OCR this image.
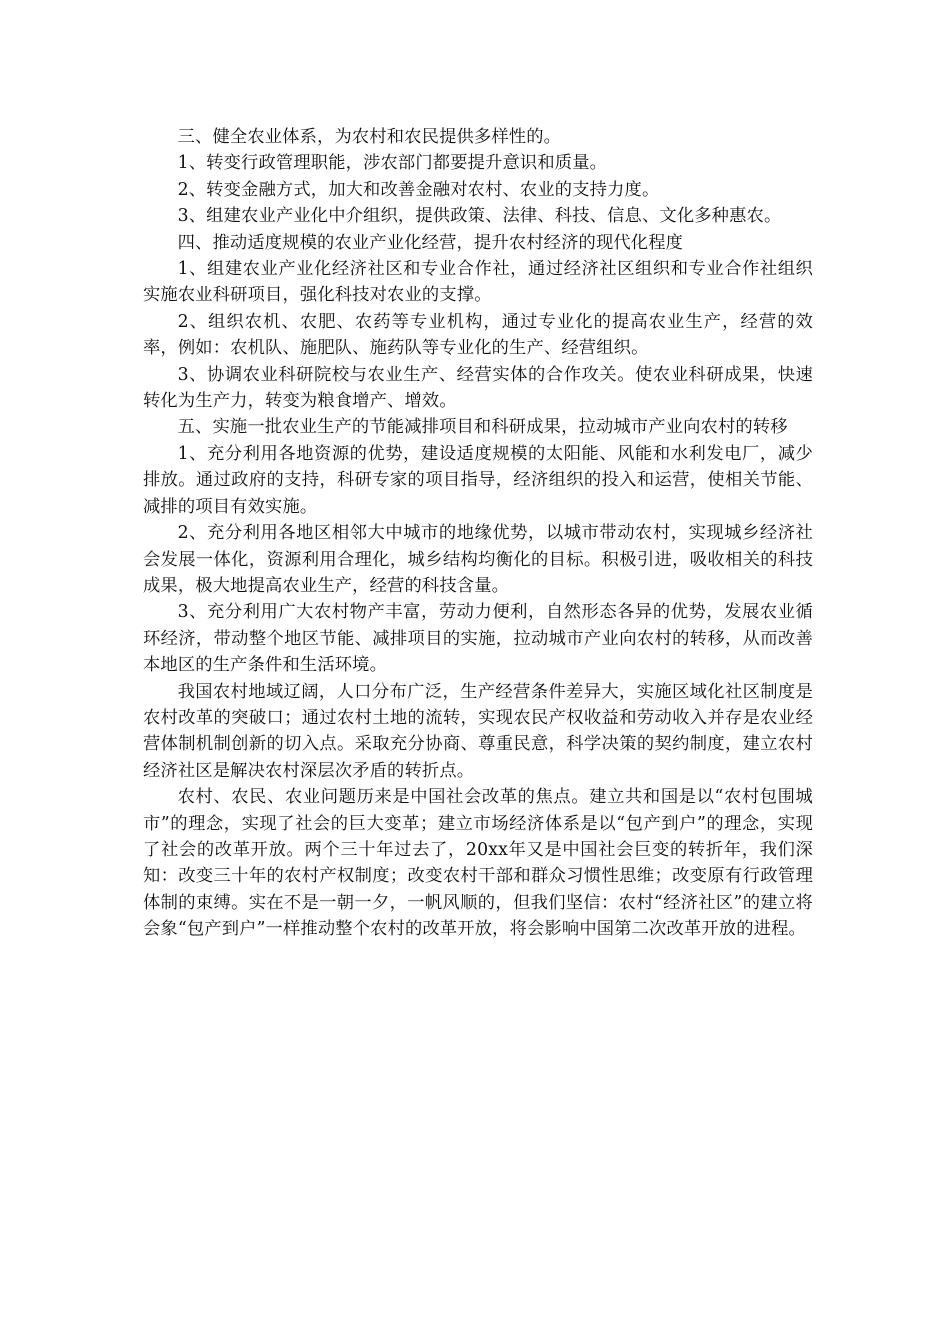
三、健全农业体系，为农村和农民提供多样性的。

1、转变行政管理职能，涉农部门都要提升意识和质量。

2、转变金融方式，加大和改善金融对农村、农业的支持力度。

3、组建农业产业化中介组织，提供政策、法律、科技、信息、文化多种惠农。

四、推动适度规模的农业产业化经营，提升农村经济的现代化程度

1、组建农业产业化经济社区和专业合作社，通过经济社区组织和专业合作社组织实施农业科研项目，强化科技对农业的支撑。

2、组织农机、农肥、农药等专业机构，通过专业化的提高农业生产，经营的效率，例如：农机队、施肥队、施药队等专业化的生产、经营组织。

3、协调农业科研院校与农业生产、经营实体的合作攻关。使农业科研成果，快速转化为生产力，转变为粮食增产、增效。

五、实施一批农业生产的节能减排项目和科研成果，拉动城市产业向农村的转移

1、充分利用各地资源的优势，建设适度规模的太阳能、风能和水利发电厂，减少排放。通过政府的支持，科研专家的项目指导，经济组织的投入和运营，使相关节能、减排的项目有效实施。

2、充分利用各地区相邻大中城市的地缘优势，以城市带动农村，实现城乡经济社会发展一体化，资源利用合理化，城乡结构均衡化的目标。积极引进，吸收相关的科技成果，极大地提高农业生产，经营的科技含量。

3、充分利用广大农村物产丰富，劳动力便利，自然形态各异的优势，发展农业循环经济，带动整个地区节能、减排项目的实施，拉动城市产业向农村的转移，从而改善本地区的生产条件和生活环境。

我国农村地域辽阔，人口分布广泛，生产经营条件差异大，实施区域化社区制度是农村改革的突破口；通过农村土地的流转，实现农民产权收益和劳动收入并存是农业经营体制机制创新的切入点。采取充分协商、尊重民意，科学决策的契约制度，建立农村经济社区是解决农村深层次矛盾的转折点。

农村、农民、农业问题历来是中国社会改革的焦点。建立共和国是以“农村包围城市”的理念，实现了社会的巨大变革；建立市场经济体系是以“包产到户”的理念，实现了社会的改革开放。两个三十年过去了，20xx年又是中国社会巨变的转折年，我们深知：改变三十年的农村产权制度；改变农村干部和群众习惯性思维；改变原有行政管理体制的束缚。实在不是一朝一夕，一帆风顺的，但我们坚信：农村“经济社区”的建立将会象“包产到户”一样推动整个农村的改革开放，将会影响中国第二次改革开放的进程。
